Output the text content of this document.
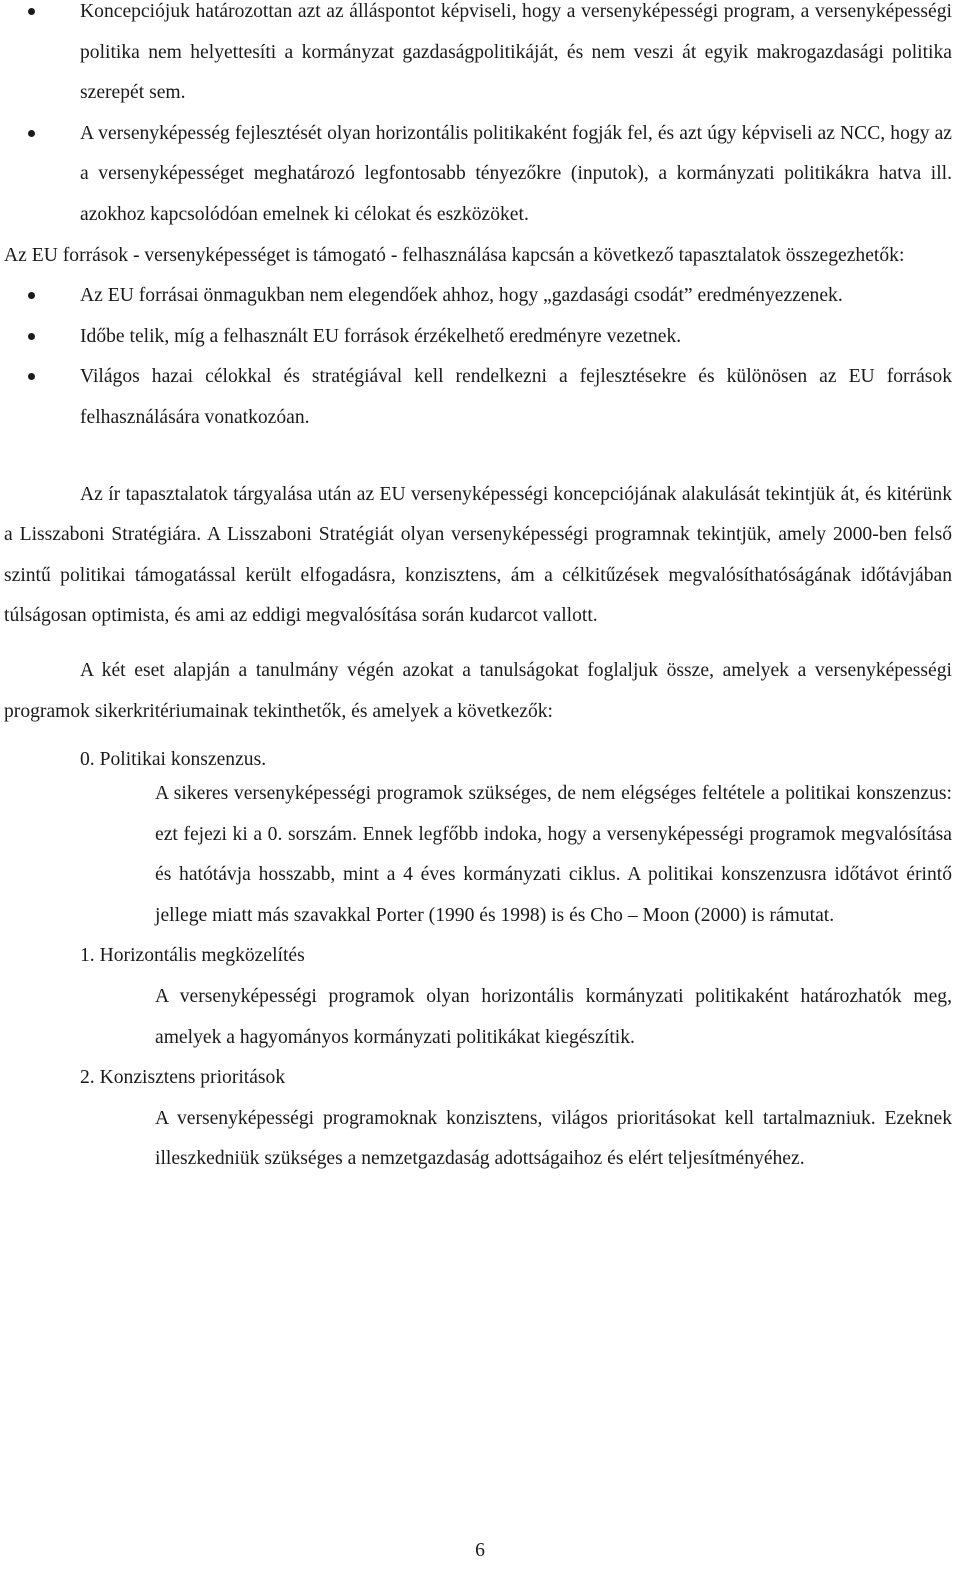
Koncepciójuk határozottan azt az álláspontot képviseli, hogy a versenyképességi program, a versenyképességi politika nem helyettesíti a kormányzat gazdaságpolitikáját, és nem veszi át egyik makrogazdasági politika szerepét sem.
A versenyképesség fejlesztését olyan horizontális politikaként fogják fel, és azt úgy képviseli az NCC, hogy az a versenyképességet meghatározó legfontosabb tényezőkre (inputok), a kormányzati politikákra hatva ill. azokhoz kapcsolódóan emelnek ki célokat és eszközöket.

Az EU források - versenyképességet is támogató - felhasználása kapcsán a következő tapasztalatok összegezhetők:

Az EU forrásai önmagukban nem elegendőek ahhoz, hogy „gazdasági csodát” eredményezzenek.
Időbe telik, míg a felhasznált EU források érzékelhető eredményre vezetnek.
Világos hazai célokkal és stratégiával kell rendelkezni a fejlesztésekre és különösen az EU források felhasználására vonatkozóan.

Az ír tapasztalatok tárgyalása után az EU versenyképességi koncepciójának alakulását tekintjük át, és kitérünk a Lisszaboni Stratégiára. A Lisszaboni Stratégiát olyan versenyképességi programnak tekintjük, amely 2000-ben felső szintű politikai támogatással került elfogadásra, konzisztens, ám a célkitűzések megvalósíthatóságának időtávjában túlságosan optimista, és ami az eddigi megvalósítása során kudarcot vallott.

A két eset alapján a tanulmány végén azokat a tanulságokat foglaljuk össze, amelyek a versenyképességi programok sikerkritériumainak tekinthetők, és amelyek a következők:

0. Politikai konszenzus.

A sikeres versenyképességi programok szükséges, de nem elégséges feltétele a politikai konszenzus: ezt fejezi ki a 0. sorszám. Ennek legfőbb indoka, hogy a versenyképességi programok megvalósítása és hatótávja hosszabb, mint a 4 éves kormányzati ciklus. A politikai konszenzusra időtávot érintő jellege miatt más szavakkal Porter (1990 és 1998) is és Cho – Moon (2000) is rámutat.

1. Horizontális megközelítés

A versenyképességi programok olyan horizontális kormányzati politikaként határozhatók meg, amelyek a hagyományos kormányzati politikákat kiegészítik.

2. Konzisztens prioritások

A versenyképességi programoknak konzisztens, világos prioritásokat kell tartalmazniuk. Ezeknek illeszkedniük szükséges a nemzetgazdaság adottságaihoz és elért teljesítményéhez.

6
